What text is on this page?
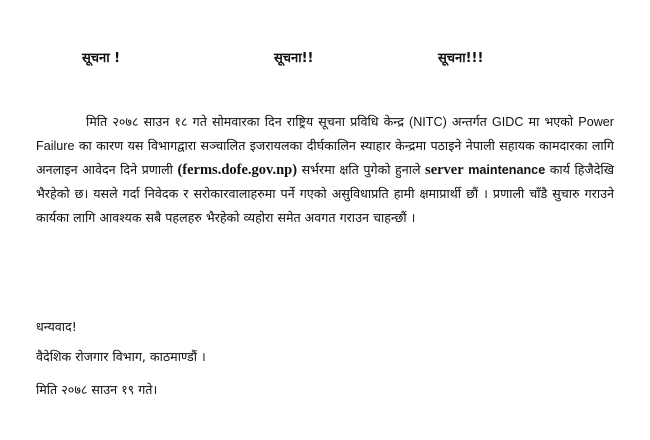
सूचना !	सूचना!!	सूचना!!!
मिति २०७८ साउन १८ गते सोमवारका दिन राष्ट्रिय सूचना प्रविधि केन्द्र (NITC) अन्तर्गत GIDC मा भएको Power Failure का कारण यस विभागद्वारा सञ्चालित इजरायलका दीर्घकालिन स्याहार केन्द्रमा पठाइने नेपाली सहायक कामदारका लागि अनलाइन आवेदन दिने प्रणाली (ferms.dofe.gov.np) सर्भरमा क्षति पुगेको हुनाले server maintenance कार्य हिजैदेखि भैरहेको छ। यसले गर्दा निवेदक र सरोकारवालाहरुमा पर्ने गएको असुविधाप्रति हामी क्षमाप्रार्थी छौं । प्रणाली चाँडै सुचारु गराउने कार्यका लागि आवश्यक सबै पहलहरु भैरहेको व्यहोरा समेत अवगत गराउन चाहन्छौं ।
धन्यवाद!
वैदेशिक रोजगार विभाग, काठमाण्डौं ।
मिति २०७८ साउन १९ गते।
